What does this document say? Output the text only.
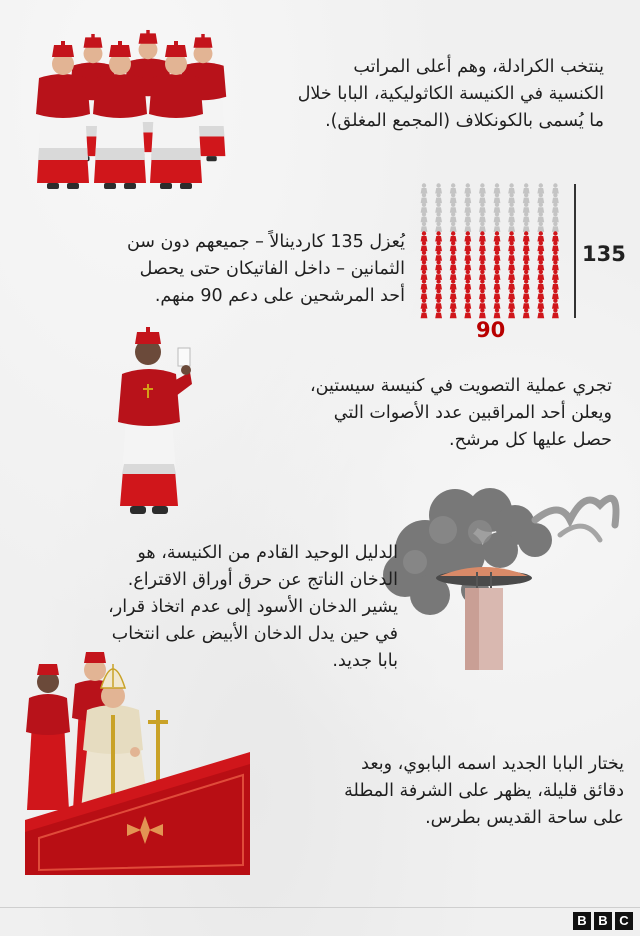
ينتخب الكرادلة، وهم أعلى المراتب
الكنسية في الكنيسة الكاثوليكية، البابا خلال
ما يُسمى بالكونكلاف (المجمع المغلق).
يُعزل 135 كاردينالاً – جميعهم دون سن
الثمانين – داخل الفاتيكان حتى يحصل
أحد المرشحين على دعم 90 منهم.
135
90
تجري عملية التصويت في كنيسة سيستين،
ويعلن أحد المراقبين عدد الأصوات التي
حصل عليها كل مرشح.
الدليل الوحيد القادم من الكنيسة، هو
الدخان الناتج عن حرق أوراق الاقتراع.
يشير الدخان الأسود إلى عدم اتخاذ قرار،
في حين يدل الدخان الأبيض على انتخاب
بابا جديد.
يختار البابا الجديد اسمه البابوي، وبعد
دقائق قليلة، يظهر على الشرفة المطلة
على ساحة القديس بطرس.
B B C
